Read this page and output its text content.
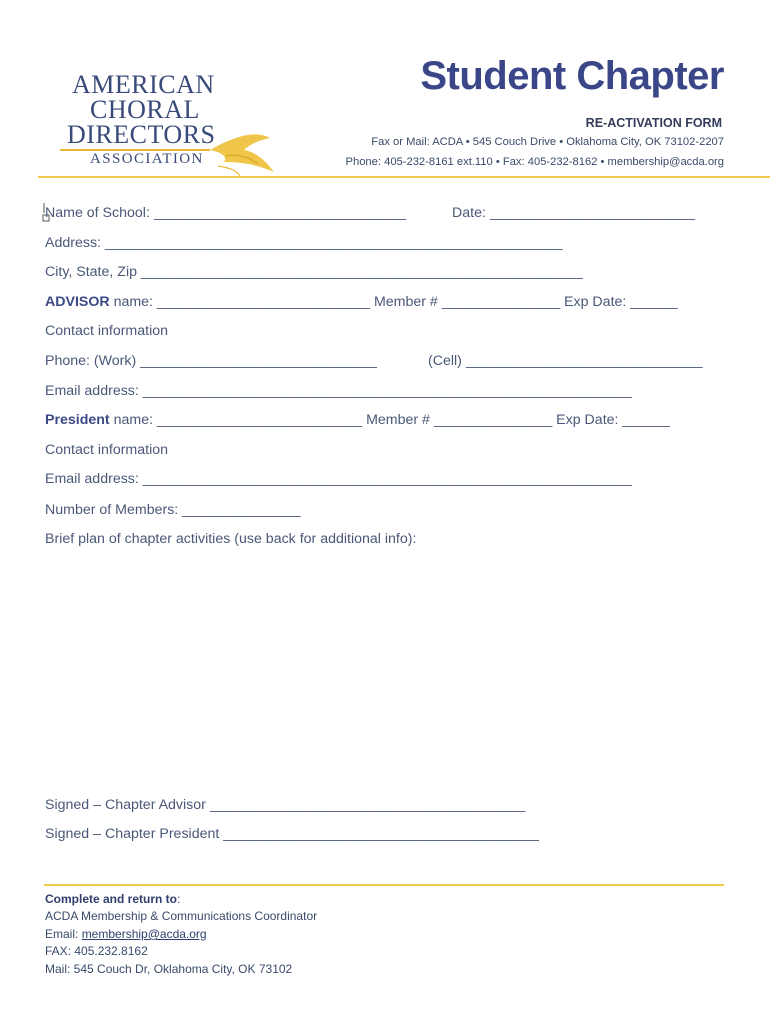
AMERICAN
CHORAL
DIRECTORS
ASSOCIATION
Student Chapter
RE-ACTIVATION FORM
Fax or Mail: ACDA • 545 Couch Drive • Oklahoma City, OK 73102-2207
Phone: 405-232-8161 ext.110 • Fax: 405-232-8162 • membership@acda.org
Name of School: ________________________________	Date: __________________________
Address: __________________________________________________________
City, State, Zip ________________________________________________________
ADVISOR name: ___________________________ Member # _______________ Exp Date: ______
Contact information
Phone: (Work) ______________________________	(Cell) ______________________________
Email address: ______________________________________________________________
President name: __________________________ Member # _______________ Exp Date: ______
Contact information
Email address: ______________________________________________________________
Number of Members: _______________
Brief plan of chapter activities (use back for additional info):
Signed – Chapter Advisor ________________________________________
Signed – Chapter President ________________________________________
Complete and return to:
ACDA Membership & Communications Coordinator
Email: membership@acda.org
FAX: 405.232.8162
Mail: 545 Couch Dr, Oklahoma City, OK 73102
